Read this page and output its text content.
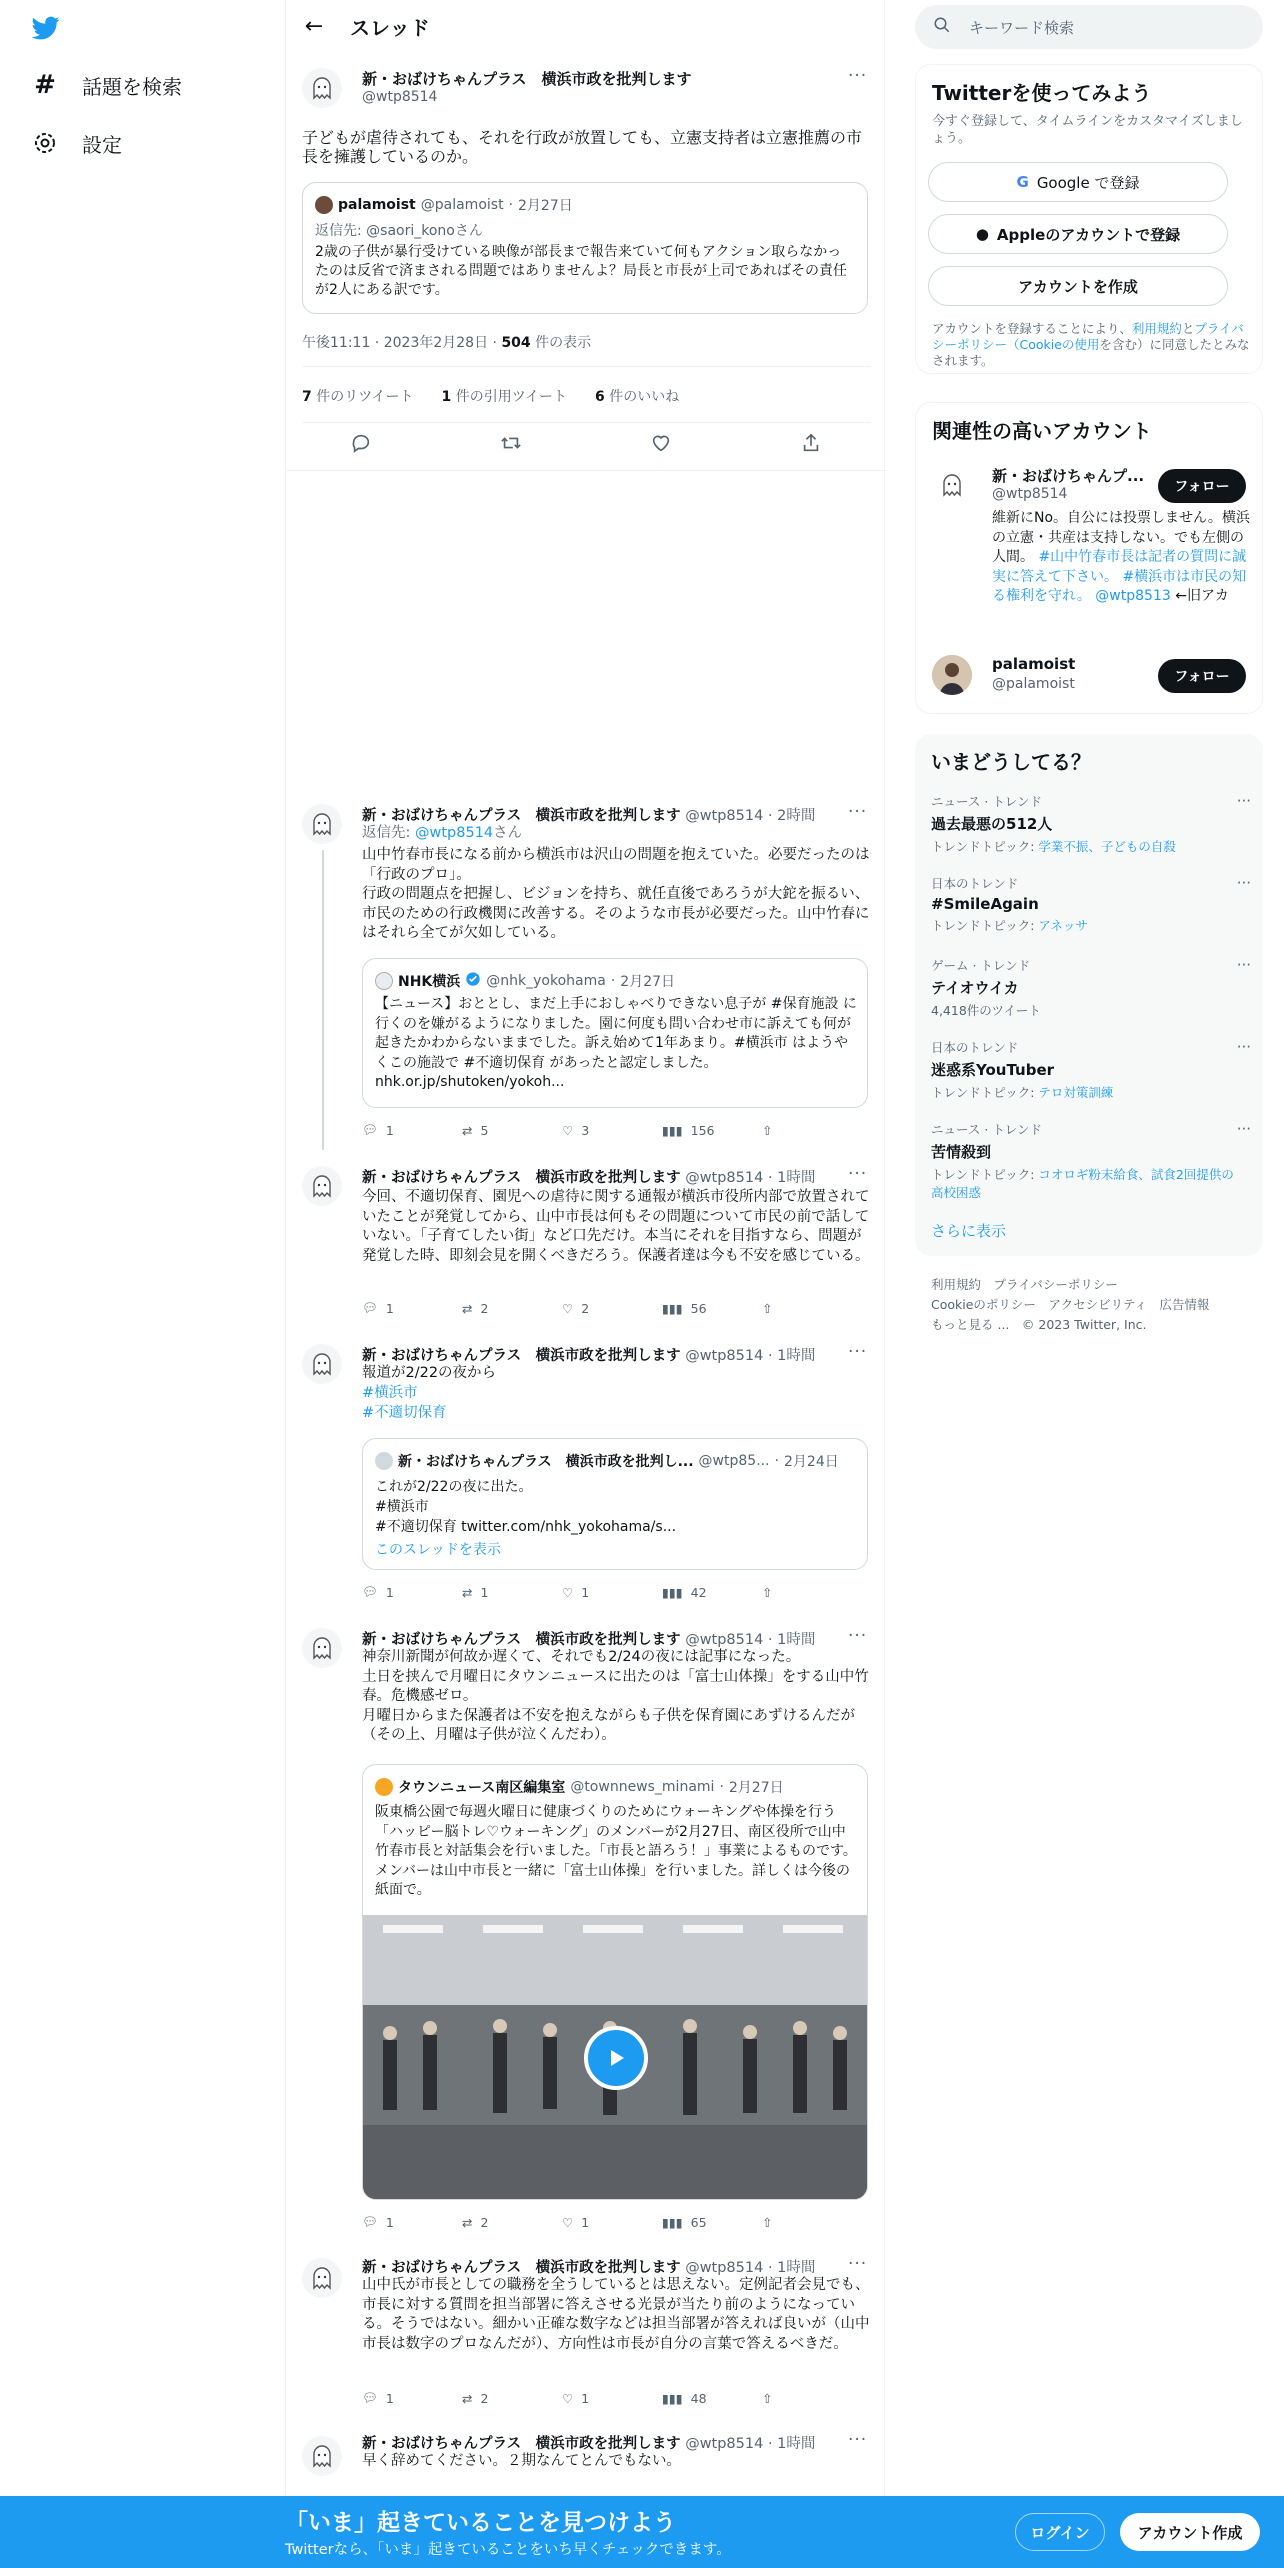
# 話題を検索
設定
←	スレッド
新・おばけちゃんプラス　横浜市政を批判します
@wtp8514
···
子どもが虐待されても、それを行政が放置しても、立憲支持者は立憲推薦の市長を擁護しているのか。
palamoist @palamoist · 2月27日
返信先: @saori_konoさん
2歳の子供が暴行受けている映像が部長まで報告来ていて何もアクション取らなかったのは反省で済まされる問題ではありませんよ？局長と市長が上司であればその責任が2人にある訳です。
午後11:11 · 2023年2月28日 · 504 件の表示
7 件のリツイート 1 件の引用ツイート 6 件のいいね
新・おばけちゃんプラス　横浜市政を批判します @wtp8514 · 2時間	···
返信先: @wtp8514さん
山中竹春市長になる前から横浜市は沢山の問題を抱えていた。必要だったのは「行政のプロ」。
行政の問題点を把握し、ビジョンを持ち、就任直後であろうが大鉈を振るい、市民のための行政機関に改善する。そのような市長が必要だった。山中竹春にはそれら全てが欠如している。
NHK横浜 @nhk_yokohama · 2月27日
【ニュース】おととし、まだ上手におしゃべりできない息子が #保育施設 に行くのを嫌がるようになりました。園に何度も問い合わせ市に訴えても何が起きたかわからないままでした。訴え始めて1年あまり。#横浜市 はようやくこの施設で #不適切保育 があったと認定しました。nhk.or.jp/shutoken/yokoh...
💬︎ 1	⇄ 5	♡ 3	▮▮▮ 156	⇧
新・おばけちゃんプラス　横浜市政を批判します @wtp8514 · 1時間	···
今回、不適切保育、園児への虐待に関する通報が横浜市役所内部で放置されていたことが発覚してから、山中市長は何もその問題について市民の前で話していない。「子育てしたい街」など口先だけ。本当にそれを目指すなら、問題が発覚した時、即刻会見を開くべきだろう。保護者達は今も不安を感じている。
💬︎ 1	⇄ 2	♡ 2	▮▮▮ 56	⇧
新・おばけちゃんプラス　横浜市政を批判します @wtp8514 · 1時間	···
報道が2/22の夜から
#横浜市
#不適切保育
新・おばけちゃんプラス　横浜市政を批判し... @wtp85... · 2月24日
これが2/22の夜に出た。
#横浜市
#不適切保育 twitter.com/nhk_yokohama/s...
このスレッドを表示
💬︎ 1	⇄ 1	♡ 1	▮▮▮ 42	⇧
新・おばけちゃんプラス　横浜市政を批判します @wtp8514 · 1時間	···
神奈川新聞が何故か遅くて、それでも2/24の夜には記事になった。
土日を挟んで月曜日にタウンニュースに出たのは「富士山体操」をする山中竹春。危機感ゼロ。
月曜日からまた保護者は不安を抱えながらも子供を保育園にあずけるんだが（その上、月曜は子供が泣くんだわ）。
タウンニュース南区編集室 @townnews_minami · 2月27日
阪東橋公園で毎週火曜日に健康づくりのためにウォーキングや体操を行う「ハッピー脳トレ♡ウォーキング」のメンバーが2月27日、南区役所で山中竹春市長と対話集会を行いました。「市長と語ろう！」事業によるものです。メンバーは山中市長と一緒に「富士山体操」を行いました。詳しくは今後の紙面で。
💬︎ 1	⇄ 2	♡ 1	▮▮▮ 65	⇧
新・おばけちゃんプラス　横浜市政を批判します @wtp8514 · 1時間	···
山中氏が市長としての職務を全うしているとは思えない。定例記者会見でも、市長に対する質問を担当部署に答えさせる光景が当たり前のようになっている。そうではない。細かい正確な数字などは担当部署が答えれば良いが（山中市長は数字のプロなんだが）、方向性は市長が自分の言葉で答えるべきだ。
💬︎ 1	⇄ 2	♡ 1	▮▮▮ 48	⇧
新・おばけちゃんプラス　横浜市政を批判します @wtp8514 · 1時間	···
早く辞めてください。２期なんてとんでもない。
キーワード検索
Twitterを使ってみよう
今すぐ登録して、タイムラインをカスタマイズしましょう。
G Google で登録
● Appleのアカウントで登録
アカウントを作成
アカウントを登録することにより、利用規約とプライバシーポリシー（Cookieの使用を含む）に同意したとみなされます。
関連性の高いアカウント
新・おばけちゃんプ...
@wtp8514	フォロー
維新にNo。自公には投票しません。横浜の立憲・共産は支持しない。でも左側の人間。 #山中竹春市長は記者の質問に誠実に答えて下さい。 #横浜市は市民の知る権利を守れ。 @wtp8513 ←旧アカ
palamoist
@palamoist	フォロー
いまどうしてる？
ニュース · トレンド
過去最悪の512人
トレンドトピック: 学業不振、子どもの自殺
···
日本のトレンド
#SmileAgain
トレンドトピック: アネッサ
···
ゲーム · トレンド
テイオウイカ
4,418件のツイート
···
日本のトレンド
迷惑系YouTuber
トレンドトピック: テロ対策訓練
···
ニュース · トレンド
苦情殺到
トレンドトピック: コオロギ粉末給食、試食2回提供の高校困惑
···
さらに表示
利用規約　 プライバシーポリシー
Cookieのポリシー　 アクセシビリティ　 広告情報
もっと見る ...　 © 2023 Twitter, Inc.
「いま」起きていることを見つけよう
Twitterなら、「いま」起きていることをいち早くチェックできます。
ログイン	アカウント作成
